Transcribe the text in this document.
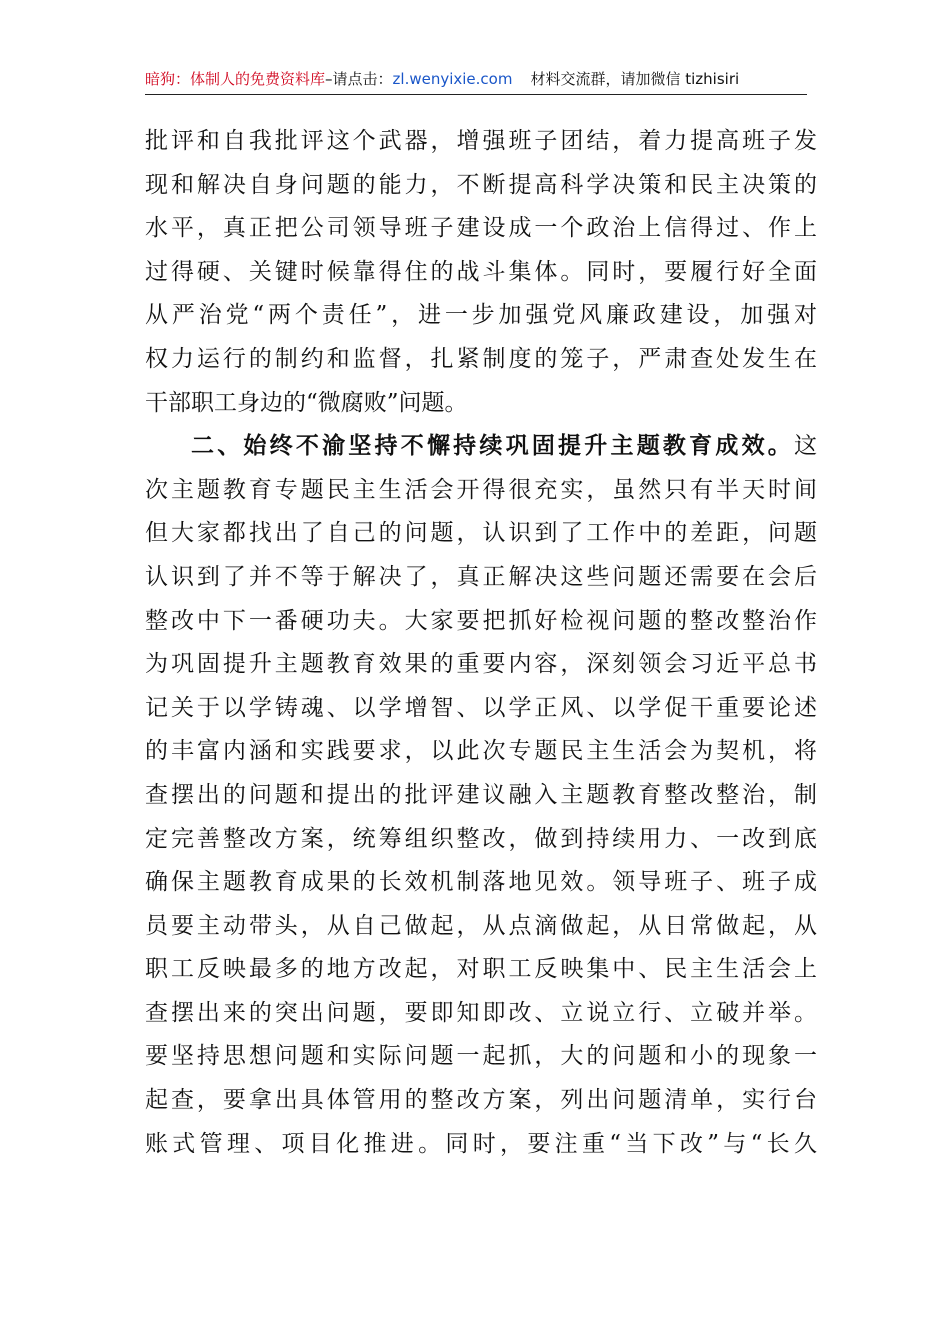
暗狗：体制人的免费资料库–请点击：zl.wenyixie.com 材料交流群，请加微信 tizhisiri
批评和自我批评这个武器，增强班子团结，着力提高班子发
现和解决自身问题的能力，不断提高科学决策和民主决策的
水平，真正把公司领导班子建设成一个政治上信得过、作上
过得硬、关键时候靠得住的战斗集体。同时，要履行好全面
从严治党“两个责任”，进一步加强党风廉政建设，加强对
权力运行的制约和监督，扎紧制度的笼子，严肃查处发生在
干部职工身边的“微腐败”问题。
二、始终不渝坚持不懈持续巩固提升主题教育成效。这
次主题教育专题民主生活会开得很充实，虽然只有半天时间
但大家都找出了自己的问题，认识到了工作中的差距，问题
认识到了并不等于解决了，真正解决这些问题还需要在会后
整改中下一番硬功夫。大家要把抓好检视问题的整改整治作
为巩固提升主题教育效果的重要内容，深刻领会习近平总书
记关于以学铸魂、以学增智、以学正风、以学促干重要论述
的丰富内涵和实践要求，以此次专题民主生活会为契机，将
查摆出的问题和提出的批评建议融入主题教育整改整治，制
定完善整改方案，统筹组织整改，做到持续用力、一改到底
确保主题教育成果的长效机制落地见效。领导班子、班子成
员要主动带头，从自己做起，从点滴做起，从日常做起，从
职工反映最多的地方改起，对职工反映集中、民主生活会上
查摆出来的突出问题，要即知即改、立说立行、立破并举。
要坚持思想问题和实际问题一起抓，大的问题和小的现象一
起查，要拿出具体管用的整改方案，列出问题清单，实行台
账式管理、项目化推进。同时，要注重“当下改”与“长久
